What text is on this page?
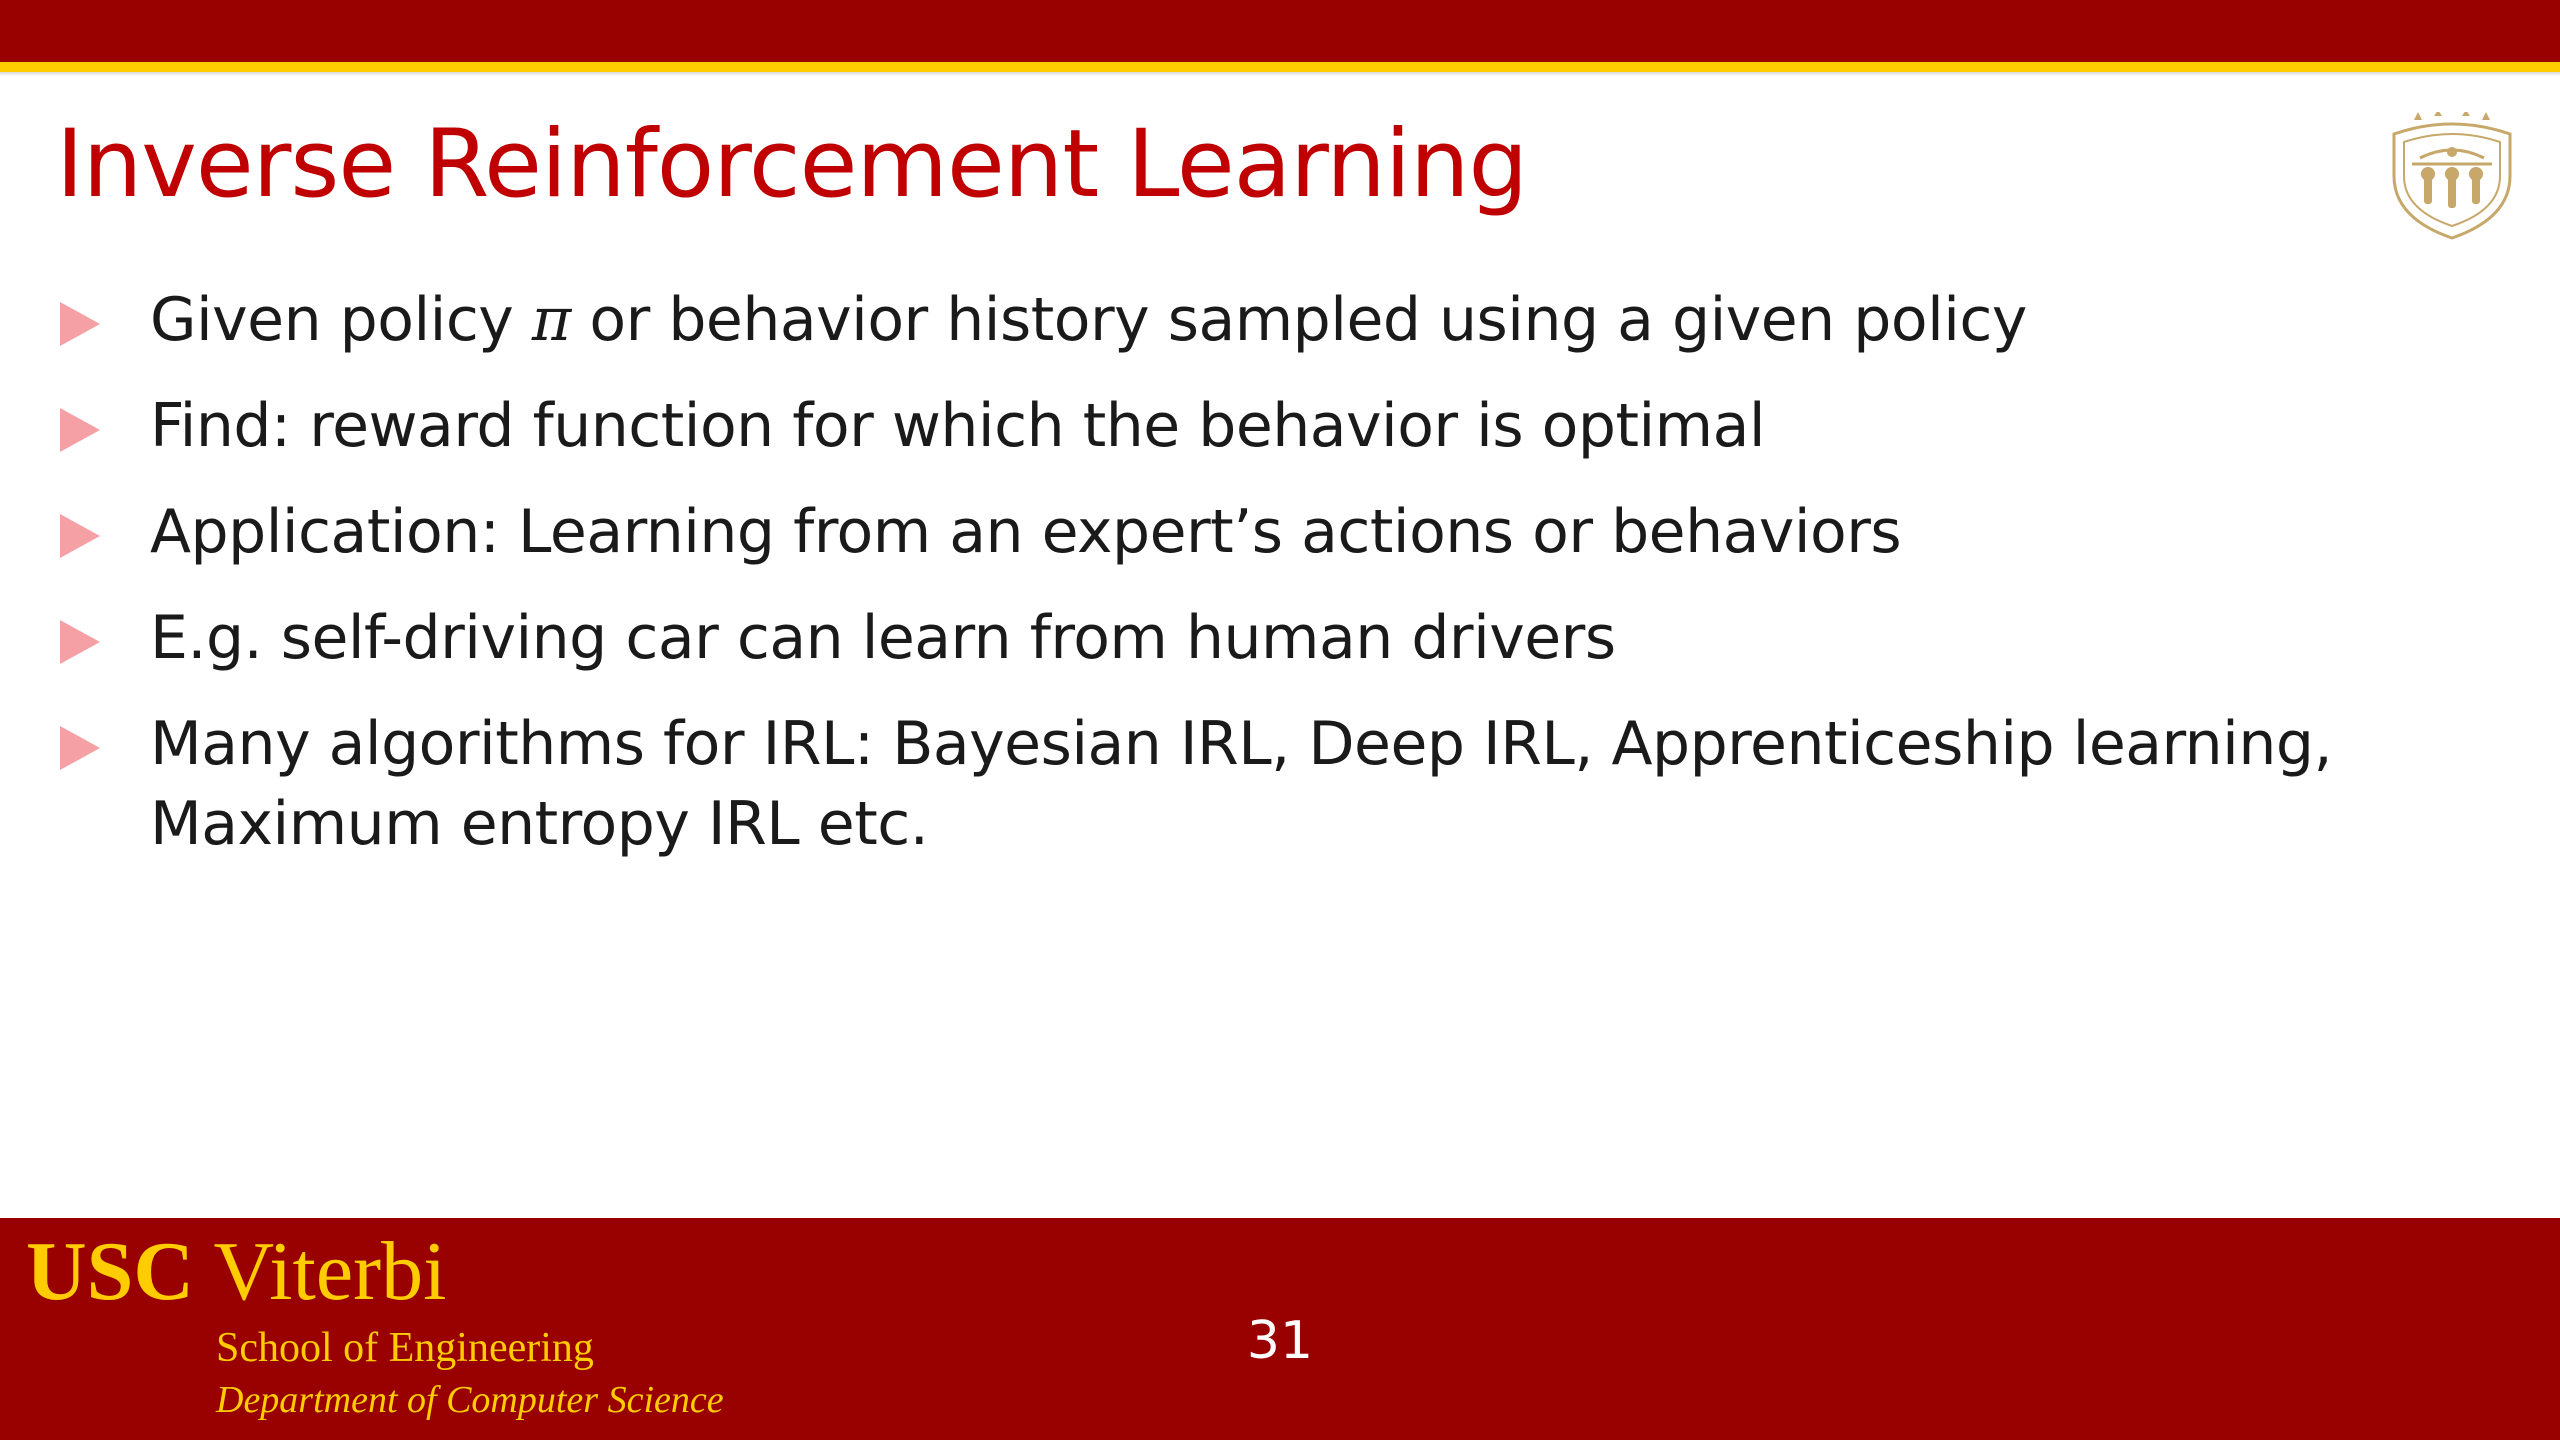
Inverse Reinforcement Learning
Given policy π or behavior history sampled using a given policy
Find: reward function for which the behavior is optimal
Application: Learning from an expert’s actions or behaviors
E.g. self-driving car can learn from human drivers
Many algorithms for IRL: Bayesian IRL, Deep IRL, Apprenticeship learning,
Maximum entropy IRL etc.
USC Viterbi
School of Engineering
Department of Computer Science
31
